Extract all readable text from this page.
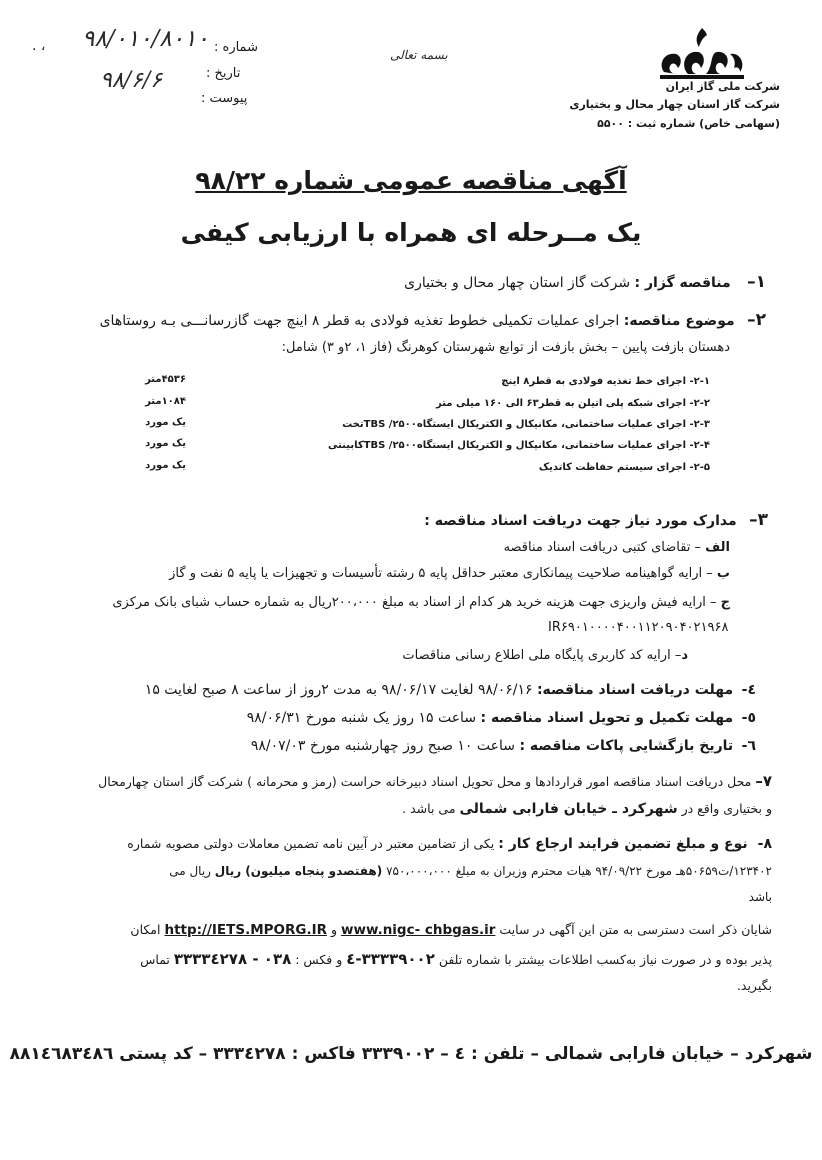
. ،	شماره :
۹۸/۰۱۰/۸۰۱۰
تاریخ :
۹۸/۶/۶
پیوست :
بسمه تعالی
شرکت ملی گاز ایران
شرکت گاز استان چهار محال و بختیاری
(سهامی خاص) شماره ثبت : ۵۵۰۰
آگهی مناقصه عمومی شماره ۹۸/۲۲
یک مــرحله ای همراه با ارزیابی کیفی
۱– مناقصه گزار : شرکت گاز استان چهار محال و بختیاری
۲– موضوع مناقصه: اجرای عملیات تکمیلی خطوط تغذیه فولادی به قطر ۸ اینچ جهت گازرسانـــی بـه روستاهای
دهستان بازفت پایین – بخش بازفت از توابع شهرستان کوهرنگ (فاز ۱، ۲و ۳) شامل:
۲-۱- اجرای خط تغذیه فولادی به قطر۸ اینچ
۴۵۳۶متر
۲-۲- اجرای شبکه پلی اتیلن به قطر۶۳ الی ۱۶۰ میلی متر
۱۰۸۴متر
۲-۳- اجرای عملیات ساختمانی، مکانیکال و الکتریکال ایستگاه۲۵۰۰/ TBSتخت
یک مورد
۲-۴- اجرای عملیات ساختمانی، مکانیکال و الکتریکال ایستگاه۲۵۰۰/ TBSکابینتی
یک مورد
۲-۵- اجرای سیستم حفاظت کاتدیک
یک مورد
۳– مدارک مورد نیاز جهت دریافت اسناد مناقصه :
الف – تقاضای کتبی دریافت اسناد مناقصه
ب – ارایه گواهینامه صلاحیت پیمانکاری معتبر حداقل پایه ۵ رشته تأسیسات و تجهیزات یا پایه ۵ نفت و گاز
ج – ارایه فیش واریزی جهت هزینه خرید هر کدام از اسناد به مبلغ ۲۰۰،۰۰۰ریال به شماره حساب شبای بانک مرکزی
IR۶۹۰۱۰۰۰۰۴۰۰۱۱۲۰۹۰۴۰۲۱۹۶۸
د– ارایه کد کاربری پایگاه ملی اطلاع رسانی مناقصات
٤- مهلت دریافت اسناد مناقصه: ۹۸/۰۶/۱۶ لغایت ۹۸/۰۶/۱۷ به مدت ۲روز از ساعت ۸ صبح لغایت ۱۵
٥- مهلت تکمیل و تحویل اسناد مناقصه : ساعت ۱۵ روز یک شنبه مورخ ۹۸/۰۶/۳۱
٦- تاریخ بازگشایی پاکات مناقصه : ساعت ۱۰ صبح روز چهارشنبه مورخ ۹۸/۰۷/۰۳
۷– محل دریافت اسناد مناقصه امور قراردادها و محل تحویل اسناد دبیرخانه حراست (رمز و محرمانه ) شرکت گاز استان چهارمحال
و بختیاری واقع در شهرکرد ـ خیابان فارابی شمالی می باشد .
۸- نوع و مبلغ تضمین فرایند ارجاع کار : یکی از تضامین معتبر در آیین نامه تضمین معاملات دولتی مصوبه شماره
۱۲۳۴۰۲/ت۵۰۶۵۹هـ مورخ ۹۴/۰۹/۲۲ هیات محترم وزیران به مبلغ ۷۵۰،۰۰۰،۰۰۰ (هفتصدو پنجاه میلیون) ریال ریال می
باشد
شایان ذکر است دسترسی به متن این آگهی در سایت www.nigc- chbgas.ir و http://IETS.MPORG.IR امکان
پذیر بوده و در صورت نیاز به‌کسب اطلاعات بیشتر با شماره تلفن ٤-۳۳۳۳۹۰۰۲ و فکس : ۳۳۳۳٤۲۷۸ - ۰۳۸ تماس
بگیرید.
شهرکرد – خیابان فارابی شمالی – تلفن : ٤ – ۳۳۳۹۰۰۲ فاکس : ۳۳۳٤۲۷۸ – کد پستی ۸۸۱٤٦۸۳٤۸٦
